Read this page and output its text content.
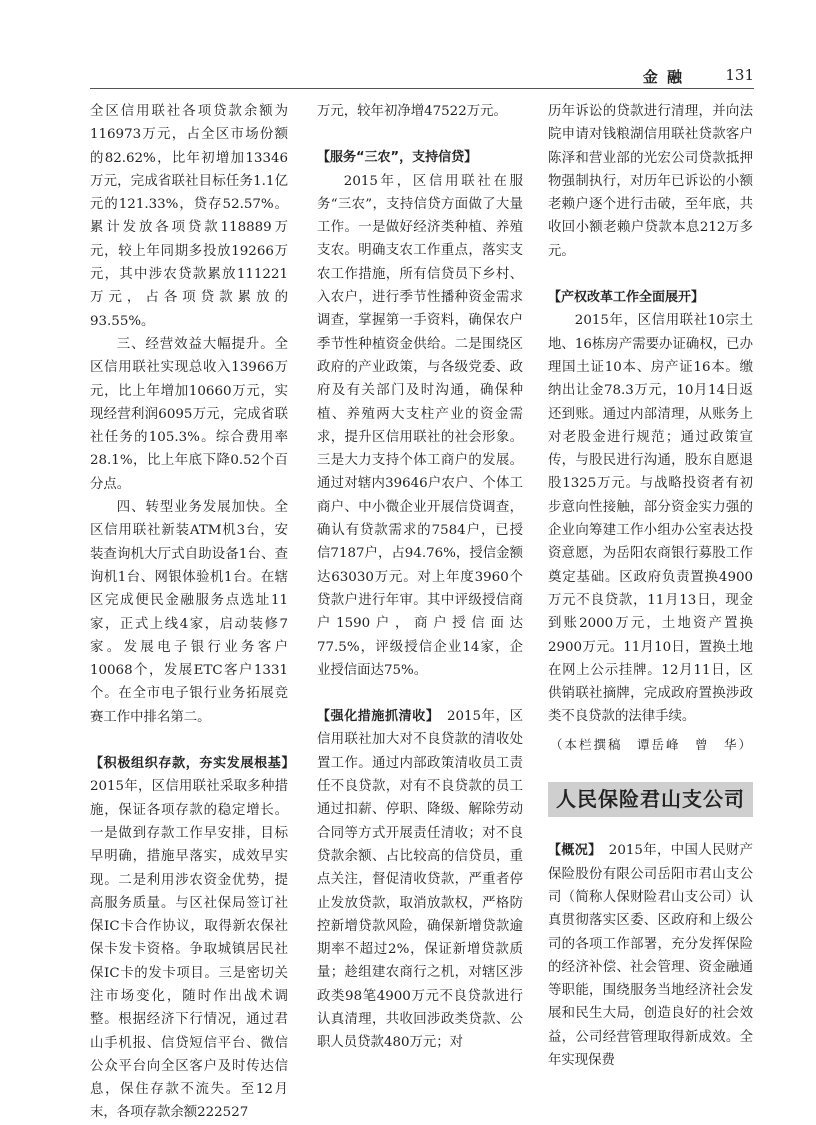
金 融	131

全区信用联社各项贷款余额为116973万元，占全区市场份额的82.62%，比年初增加13346万元，完成省联社目标任务1.1亿元的121.33%，贷存52.57%。累计发放各项贷款118889万元，较上年同期多投放19266万元，其中涉农贷款累放111221万元，占各项贷款累放的93.55%。

三、经营效益大幅提升。全区信用联社实现总收入13966万元，比上年增加10660万元，实现经营利润6095万元，完成省联社任务的105.3%。综合费用率28.1%，比上年底下降0.52个百分点。

四、转型业务发展加快。全区信用联社新装ATM机3台，安装查询机大厅式自助设备1台、查询机1台、网银体验机1台。在辖区完成便民金融服务点选址11家，正式上线4家，启动装修7家。发展电子银行业务客户10068个，发展ETC客户1331个。在全市电子银行业务拓展竞赛工作中排名第二。

【积极组织存款，夯实发展根基】　2015年，区信用联社采取多种措施，保证各项存款的稳定增长。一是做到存款工作早安排，目标早明确，措施早落实，成效早实现。二是利用涉农资金优势，提高服务质量。与区社保局签订社保IC卡合作协议，取得新农保社保卡发卡资格。争取城镇居民社保IC卡的发卡项目。三是密切关注市场变化，随时作出战术调整。根据经济下行情况，通过君山手机报、信贷短信平台、微信公众平台向全区客户及时传达信息，保住存款不流失。至12月末，各项存款余额222527

万元，较年初净增47522万元。

【服务“三农”，支持信贷】

2015年，区信用联社在服务“三农”，支持信贷方面做了大量工作。一是做好经济类种植、养殖支农。明确支农工作重点，落实支农工作措施，所有信贷员下乡村、入农户，进行季节性播种资金需求调查，掌握第一手资料，确保农户季节性种植资金供给。二是围绕区政府的产业政策，与各级党委、政府及有关部门及时沟通，确保种植、养殖两大支柱产业的资金需求，提升区信用联社的社会形象。三是大力支持个体工商户的发展。通过对辖内39646户农户、个体工商户、中小微企业开展信贷调查，确认有贷款需求的7584户，已授信7187户，占94.76%，授信金额达63030万元。对上年度3960个贷款户进行年审。其中评级授信商户1590户，商户授信面达77.5%，评级授信企业14家，企业授信面达75%。

【强化措施抓清收】　 2015年，区信用联社加大对不良贷款的清收处置工作。通过内部政策清收员工责任不良贷款，对有不良贷款的员工通过扣薪、停职、降级、解除劳动合同等方式开展责任清收；对不良贷款余额、占比较高的信贷员，重点关注，督促清收贷款，严重者停止发放贷款，取消放款权，严格防控新增贷款风险，确保新增贷款逾期率不超过2%，保证新增贷款质量；趁组建农商行之机，对辖区涉政类98笔4900万元不良贷款进行认真清理，共收回涉政类贷款、公职人员贷款480万元；对

历年诉讼的贷款进行清理，并向法院申请对钱粮湖信用联社贷款客户陈泽和营业部的光宏公司贷款抵押物强制执行，对历年已诉讼的小额老赖户逐个进行击破，至年底，共收回小额老赖户贷款本息212万多元。

【产权改革工作全面展开】

2015年，区信用联社10宗土地、16栋房产需要办证确权，已办理国土证10本、房产证16本。缴纳出让金78.3万元，10月14日返还到账。通过内部清理，从账务上对老股金进行规范；通过政策宣传，与股民进行沟通，股东自愿退股1325万元。与战略投资者有初步意向性接触，部分资金实力强的企业向筹建工作小组办公室表达投资意愿，为岳阳农商银行募股工作奠定基础。区政府负责置换4900万元不良贷款，11月13日，现金到账2000万元，土地资产置换2900万元。11月10日，置换土地在网上公示挂牌。12月11日，区供销联社摘牌，完成政府置换涉政类不良贷款的法律手续。

（本栏撰稿　谭岳峰　曾　华）
人民保险君山支公司

【概况】　 2015年，中国人民财产保险股份有限公司岳阳市君山支公司（简称人保财险君山支公司）认真贯彻落实区委、区政府和上级公司的各项工作部署，充分发挥保险的经济补偿、社会管理、资金融通等职能，围绕服务当地经济社会发展和民生大局，创造良好的社会效益，公司经营管理取得新成效。全年实现保费
